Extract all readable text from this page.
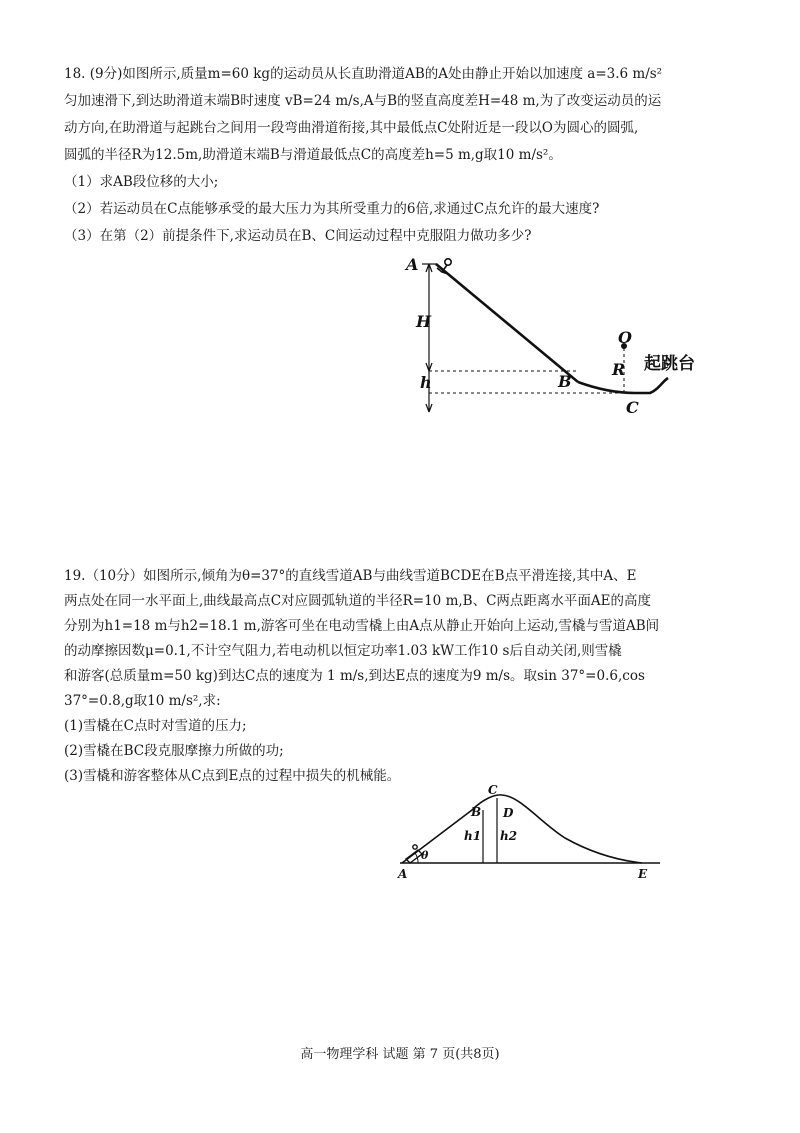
18. (9分)如图所示,质量m=60 kg的运动员从长直助滑道AB的A处由静止开始以加速度 a=3.6 m/s²
匀加速滑下,到达助滑道末端B时速度 vB=24 m/s,A与B的竖直高度差H=48 m,为了改变运动员的运
动方向,在助滑道与起跳台之间用一段弯曲滑道衔接,其中最低点C处附近是一段以O为圆心的圆弧,
圆弧的半径R为12.5m,助滑道末端B与滑道最低点C的高度差h=5 m,g取10 m/s²。
（1）求AB段位移的大小;
（2）若运动员在C点能够承受的最大压力为其所受重力的6倍,求通过C点允许的最大速度?
（3）在第（2）前提条件下,求运动员在B、C间运动过程中克服阻力做功多少?
A
H
h	B
O
R
C
起跳台
19.（10分）如图所示,倾角为θ=37°的直线雪道AB与曲线雪道BCDE在B点平滑连接,其中A、E
两点处在同一水平面上,曲线最高点C对应圆弧轨道的半径R=10 m,B、C两点距离水平面AE的高度
分别为h1=18 m与h2=18.1 m,游客可坐在电动雪橇上由A点从静止开始向上运动,雪橇与雪道AB间
的动摩擦因数μ=0.1,不计空气阻力,若电动机以恒定功率1.03 kW工作10 s后自动关闭,则雪橇
和游客(总质量m=50 kg)到达C点的速度为 1 m/s,到达E点的速度为9 m/s。取sin 37°=0.6,cos
37°=0.8,g取10 m/s²,求:
(1)雪橇在C点时对雪道的压力;
(2)雪橇在BC段克服摩擦力所做的功;
(3)雪橇和游客整体从C点到E点的过程中损失的机械能。
A
B
C
D
E
h1 h2
θ
高一物理学科 试题 第 7 页(共8页)
